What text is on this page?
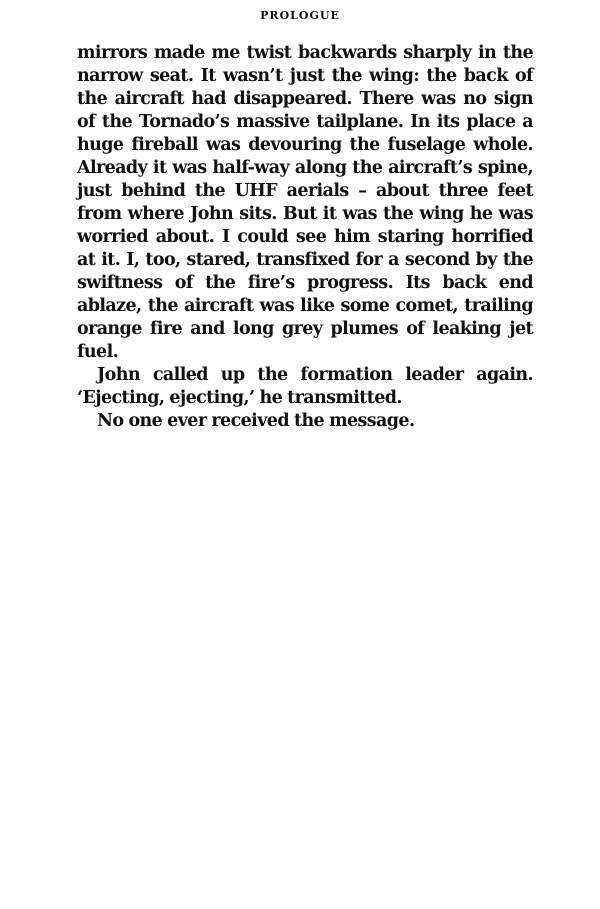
PROLOGUE

mirrors made me twist backwards sharply in the narrow seat. It wasn’t just the wing: the back of the aircraft had disappeared. There was no sign of the Tornado’s massive tailplane. In its place a huge fireball was devouring the fuselage whole. Already it was half-way along the aircraft’s spine, just behind the UHF aerials – about three feet from where John sits. But it was the wing he was worried about. I could see him staring horrified at it. I, too, stared, transfixed for a second by the swiftness of the fire’s progress. Its back end ablaze, the aircraft was like some comet, trailing orange fire and long grey plumes of leaking jet fuel.

John called up the formation leader again. ‘Ejecting, ejecting,’ he transmitted.

No one ever received the message.
